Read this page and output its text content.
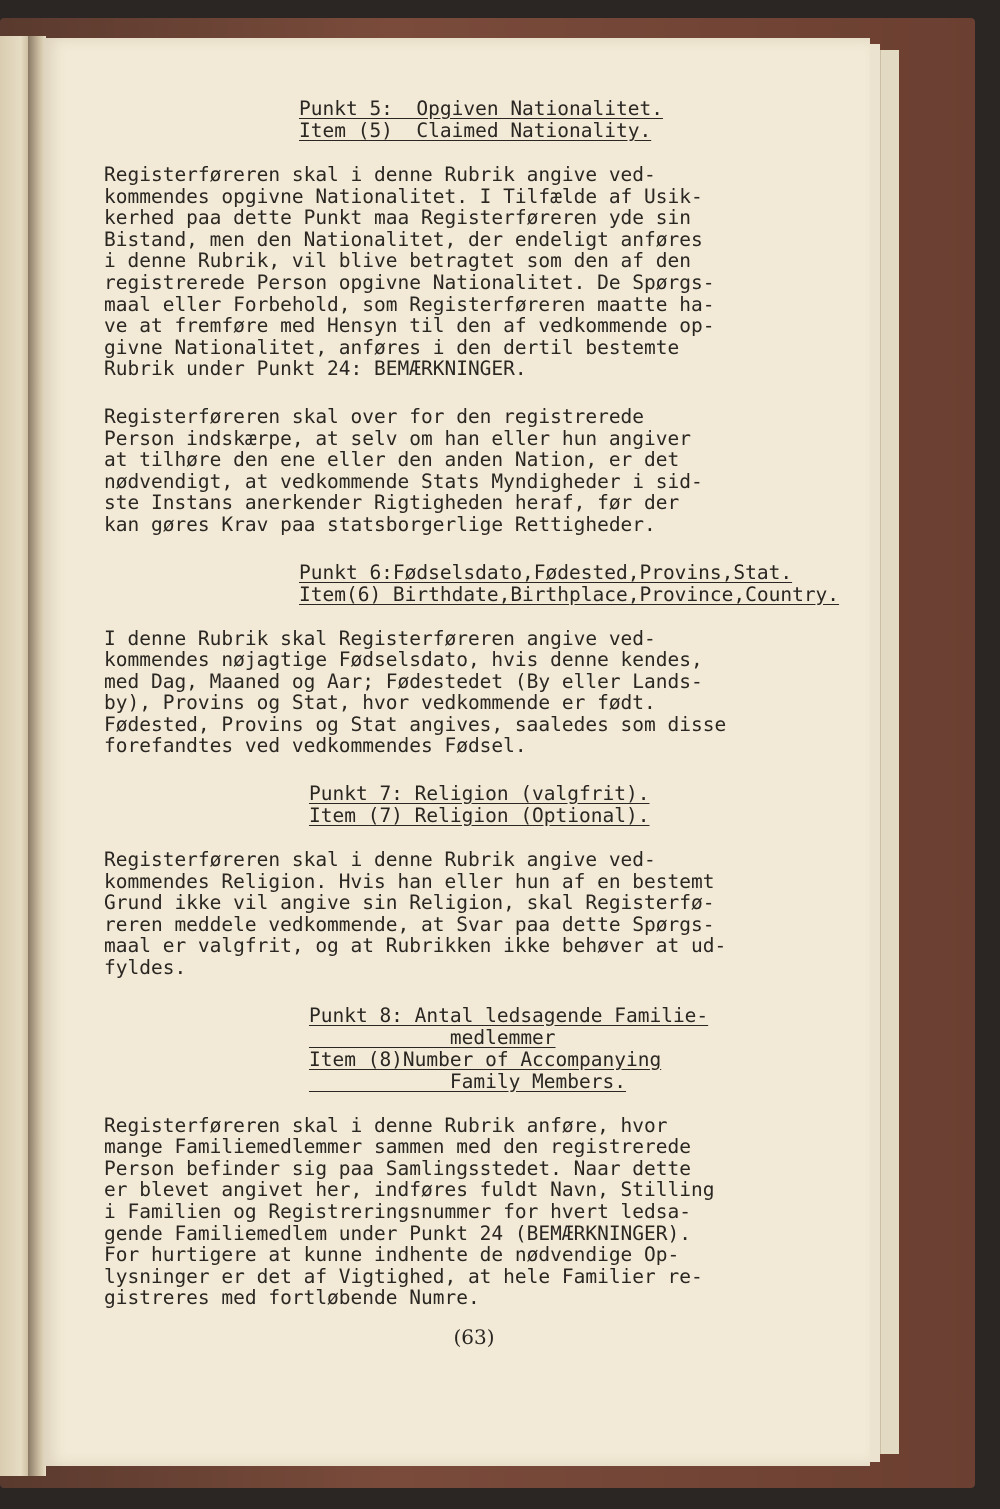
Punkt 5:  Opgiven Nationalitet.
Item (5)  Claimed Nationality.

Registerføreren skal i denne Rubrik angive ved-
kommendes opgivne Nationalitet. I Tilfælde af Usik-
kerhed paa dette Punkt maa Registerføreren yde sin
Bistand, men den Nationalitet, der endeligt anføres
i denne Rubrik, vil blive betragtet som den af den
registrerede Person opgivne Nationalitet. De Spørgs-
maal eller Forbehold, som Registerføreren maatte ha-
ve at fremføre med Hensyn til den af vedkommende op-
givne Nationalitet, anføres i den dertil bestemte
Rubrik under Punkt 24: BEMÆRKNINGER.

Registerføreren skal over for den registrerede
Person indskærpe, at selv om han eller hun angiver
at tilhøre den ene eller den anden Nation, er det
nødvendigt, at vedkommende Stats Myndigheder i sid-
ste Instans anerkender Rigtigheden heraf, før der
kan gøres Krav paa statsborgerlige Rettigheder.

Punkt 6:Fødselsdato,Fødested,Provins,Stat.
Item(6) Birthdate,Birthplace,Province,Country.

I denne Rubrik skal Registerføreren angive ved-
kommendes nøjagtige Fødselsdato, hvis denne kendes,
med Dag, Maaned og Aar; Fødestedet (By eller Lands-
by), Provins og Stat, hvor vedkommende er født.
Fødested, Provins og Stat angives, saaledes som disse
forefandtes ved vedkommendes Fødsel.

Punkt 7: Religion (valgfrit).
Item (7) Religion (Optional).

Registerføreren skal i denne Rubrik angive ved-
kommendes Religion. Hvis han eller hun af en bestemt
Grund ikke vil angive sin Religion, skal Registerfø-
reren meddele vedkommende, at Svar paa dette Spørgs-
maal er valgfrit, og at Rubrikken ikke behøver at ud-
fyldes.

Punkt 8: Antal ledsagende Familie-
medlemmer
Item (8)Number of Accompanying
Family Members.

Registerføreren skal i denne Rubrik anføre, hvor
mange Familiemedlemmer sammen med den registrerede
Person befinder sig paa Samlingsstedet. Naar dette
er blevet angivet her, indføres fuldt Navn, Stilling
i Familien og Registreringsnummer for hvert ledsa-
gende Familiemedlem under Punkt 24 (BEMÆRKNINGER).
For hurtigere at kunne indhente de nødvendige Op-
lysninger er det af Vigtighed, at hele Familier re-
gistreres med fortløbende Numre.

(63)
